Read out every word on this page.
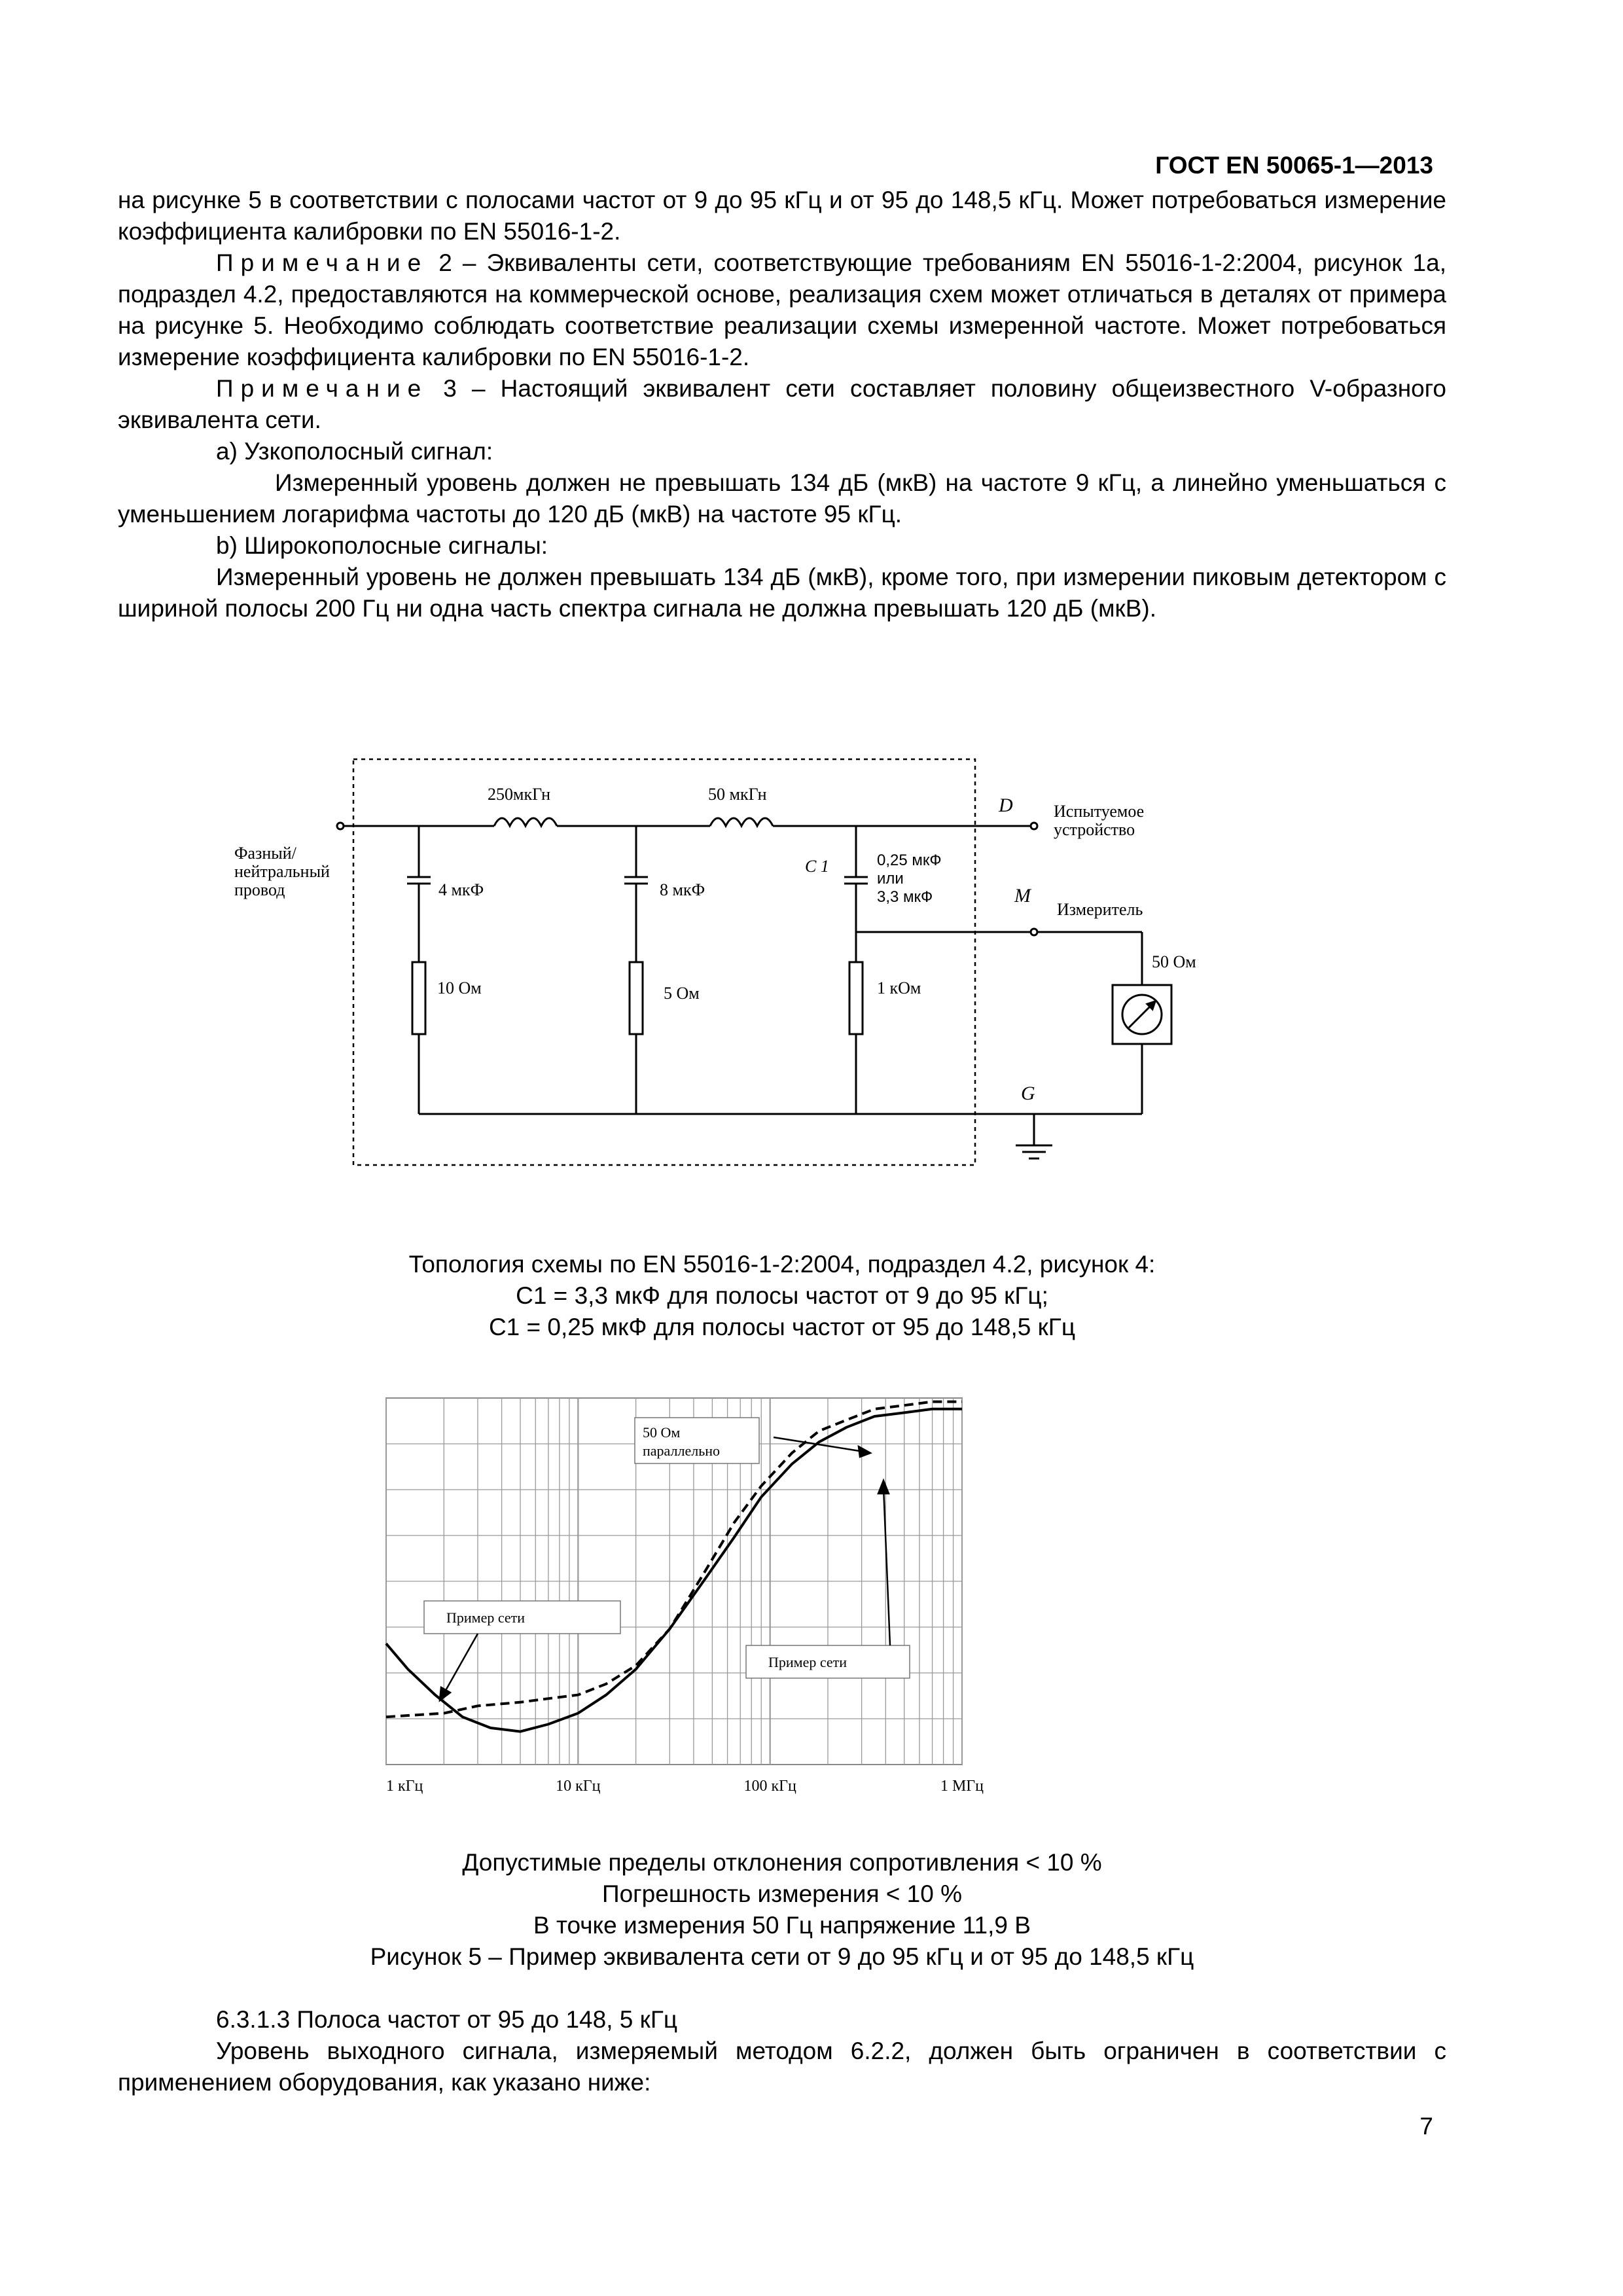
ГОСТ EN 50065-1—2013

на рисунке 5 в соответствии с полосами частот от 9 до 95 кГц и от 95 до 148,5 кГц. Может потребоваться измерение коэффициента калибровки по EN 55016-1-2.

Примечание 2 – Эквиваленты сети, соответствующие требованиям EN 55016-1-2:2004, рисунок 1а, подраздел 4.2, предоставляются на коммерческой основе, реализация схем может отличаться в деталях от примера на рисунке 5. Необходимо соблюдать соответствие реализации схемы измеренной частоте. Может потребоваться измерение коэффициента калибровки по EN 55016-1-2.

Примечание 3 – Настоящий эквивалент сети составляет половину общеизвестного V-образного эквивалента сети.

а) Узкополосный сигнал:

Измеренный уровень должен не превышать 134 дБ (мкВ) на частоте 9 кГц, а линейно уменьшаться с уменьшением логарифма частоты до 120 дБ (мкВ) на частоте 95 кГц.

b) Широкополосные сигналы:

Измеренный уровень не должен превышать 134 дБ (мкВ), кроме того, при измерении пиковым детектором с шириной полосы 200 Гц ни одна часть спектра сигнала не должна превышать 120 дБ (мкВ).

Фазный/
нейтральный
провод
250мкГн	50 мкГн
4 мкФ	8 мкФ
С 1	0,25 мкФ
или
3,3 мкФ
10 Ом	5 Ом	1 кОм
D
M
G
Испытуемое
устройство
Измеритель
50 Ом
Топология схемы по EN 55016-1-2:2004, подраздел 4.2, рисунок 4:
С1 = 3,3 мкФ для полосы частот от 9 до 95 кГц;
С1 = 0,25 мкФ для полосы частот от 95 до 148,5 кГц
1 кГц	10 кГц	100 кГц	1 МГц
50 Ом
параллельно
Пример сети
Пример сети
Допустимые пределы отклонения сопротивления < 10 %
Погрешность измерения < 10 %
В точке измерения 50 Гц напряжение 11,9 В
Рисунок 5 – Пример эквивалента сети от 9 до 95 кГц и от 95 до 148,5 кГц

6.3.1.3 Полоса частот от 95 до 148, 5 кГц

Уровень выходного сигнала, измеряемый методом 6.2.2, должен быть ограничен в соответствии с применением оборудования, как указано ниже:

7
